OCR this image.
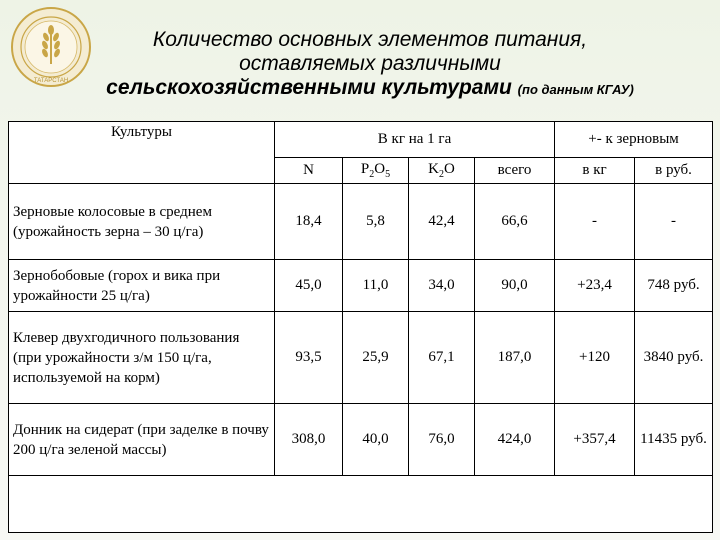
ТАТАРСТАН
Количество основных элементов питания,
оставляемых различными
сельскохозяйственными культурами (по данным КГАУ)
Культуры	В кг на 1 га				+- к зерновым	
	N	$P_2O_5$	$K_2O$	всего	в кг	в руб.
Зерновые колосовые в среднем (урожайность зерна – 30 ц/га)	18,4	5,8	42,4	66,6	-	-
Зернобобовые (горох и вика при урожайности 25 ц/га)	45,0	11,0	34,0	90,0	+23,4	748 руб.
Клевер двухгодичного пользования (при урожайности з/м 150 ц/га, используемой на корм)	93,5	25,9	67,1	187,0	+120	3840 руб.
Донник на сидерат (при заделке в почву 200 ц/га зеленой массы)	308,0	40,0	76,0	424,0	+357,4	11435 руб.
